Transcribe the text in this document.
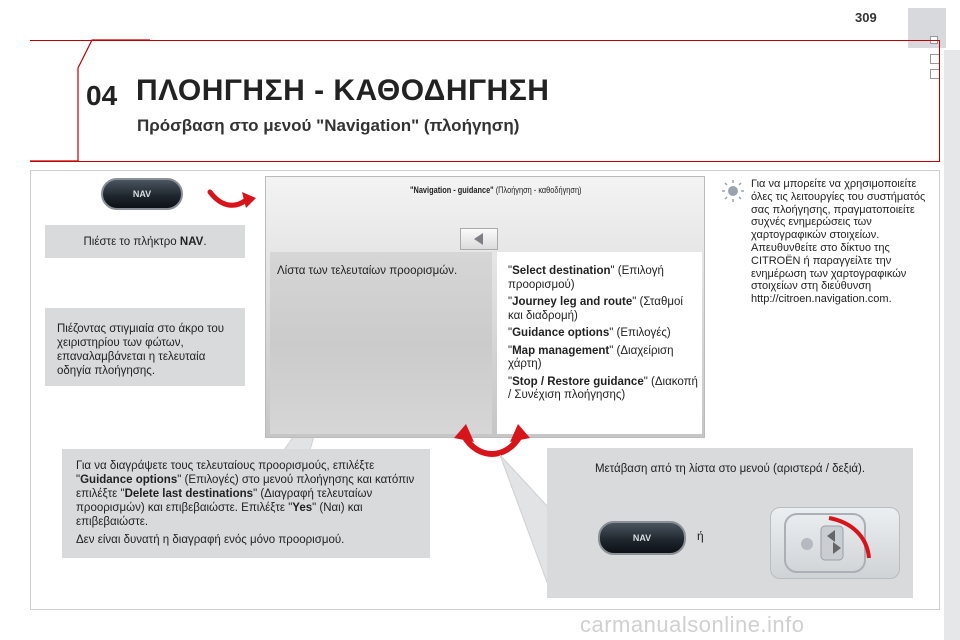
309
04 ΠΛΟΗΓΗΣΗ - ΚΑΘΟΔΗΓΗΣΗ
Πρόσβαση στο μενού "Navigation" (πλοήγηση)
NAV
Πιέστε το πλήκτρο NAV.
Πιέζοντας στιγμιαία στο άκρο του χειριστηρίου των φώτων, επαναλαμβάνεται η τελευταία οδηγία πλοήγησης.
Για να διαγράψετε τους τελευταίους προορισμούς, επιλέξτε "Guidance options" (Επιλογές) στο μενού πλοήγησης και κατόπιν επιλέξτε "Delete last destinations" (Διαγραφή τελευταίων προορισμών) και επιβεβαιώστε. Επιλέξτε "Yes" (Ναι) και επιβεβαιώστε.
Δεν είναι δυνατή η διαγραφή ενός μόνο προορισμού.
"Navigation - guidance" (Πλοήγηση - καθοδήγηση)
Λίστα των τελευταίων προορισμών.	"Select destination" (Επιλογή προορισμού)
"Journey leg and route" (Σταθμοί και διαδρομή)
"Guidance options" (Επιλογές)
"Map management" (Διαχείριση χάρτη)
"Stop / Restore guidance" (Διακοπή / Συνέχιση πλοήγησης)
Για να μπορείτε να χρησιμοποιείτε όλες τις λειτουργίες του συστήματός σας πλοήγησης, πραγματοποιείτε συχνές ενημερώσεις των χαρτογραφικών στοιχείων. Απευθυνθείτε στο δίκτυο της CITROËN ή παραγγείλτε την ενημέρωση των χαρτογραφικών στοιχείων στη διεύθυνση http://citroen.navigation.com.
Μετάβαση από τη λίστα στο μενού (αριστερά / δεξιά).
NAV	ή
carmanualsonline.info
